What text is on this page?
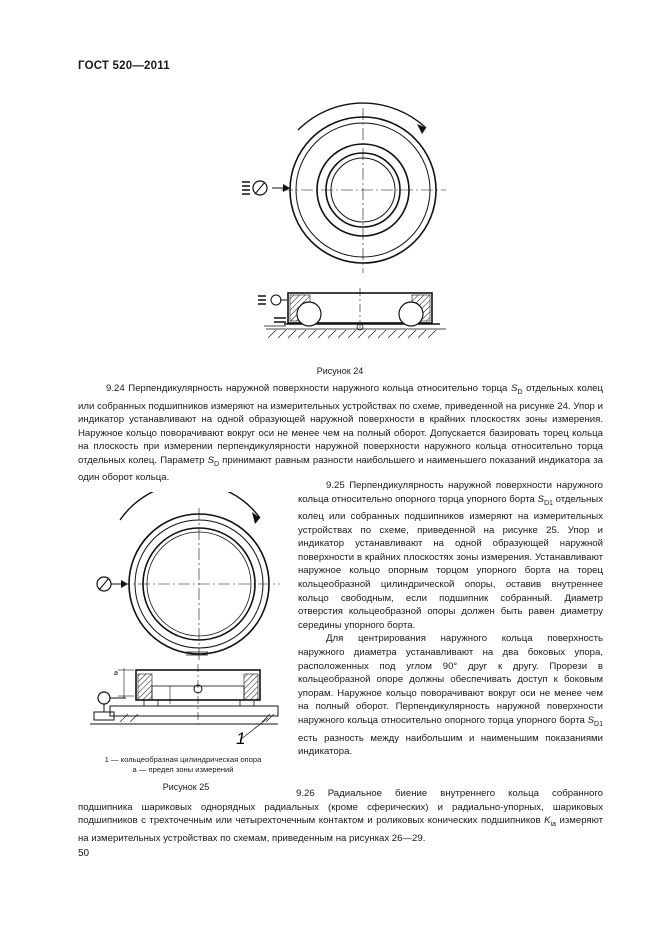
ГОСТ 520—2011
Рисунок 24
9.24 Перпендикулярность наружной поверхности наружного кольца относительно торца $S_D$ отдельных колец или собранных подшипников измеряют на измерительных устройствах по схеме, приведенной на рисунке 24. Упор и индикатор устанавливают на одной образующей наружной поверхности в крайних плоскостях зоны измерения. Наружное кольцо поворачивают вокруг оси не менее чем на полный оборот. Допускается базировать торец кольца на плоскость при измерении перпендикулярности наружной поверхности наружного кольца относительно торца отдельных колец. Параметр $S_D$ принимают равным разности наибольшего и наименьшего показаний индикатора за один оборот кольца.
a
1
1 — кольцеобразная цилиндрическая опора
a — предел зоны измерений
Рисунок 25

9.25 Перпендикулярность наружной поверхности наружного кольца относительно опорного торца упорного борта $S_{D1}$ отдельных колец или собранных подшипников измеряют на измерительных устройствах по схеме, приведенной на рисунке 25. Упор и индикатор устанавливают на одной образующей наружной поверхности в крайних плоскостях зоны измерения. Устанавливают наружное кольцо опорным торцом упорного борта на торец кольцеобразной цилиндрической опоры, оставив внутреннее кольцо свободным, если подшипник собранный. Диаметр отверстия кольцеобразной опоры должен быть равен диаметру середины упорного борта.

Для центрирования наружного кольца поверхность наружного диаметра устанавливают на два боковых упора, расположенных под углом 90° друг к другу. Прорези в кольцеобразной опоре должны обеспечивать доступ к боковым упорам. Наружное кольцо поворачивают вокруг оси не менее чем на полный оборот. Перпендикулярность наружной поверхности наружного кольца относительно опорного торца упорного борта $S_{D1}$ есть разность между наибольшим и наименьшим показаниями индикатора.

9.26 Радиальное биение внутреннего кольца собранного подшипника шариковых однорядных радиальных (кроме сферических) и радиально-упорных, шариковых подшипников с трехточечным или четырехточечным контактом и роликовых конических подшипников $K_{ia}$ измеряют на измерительных устройствах по схемам, приведенным на рисунках 26—29.
50
